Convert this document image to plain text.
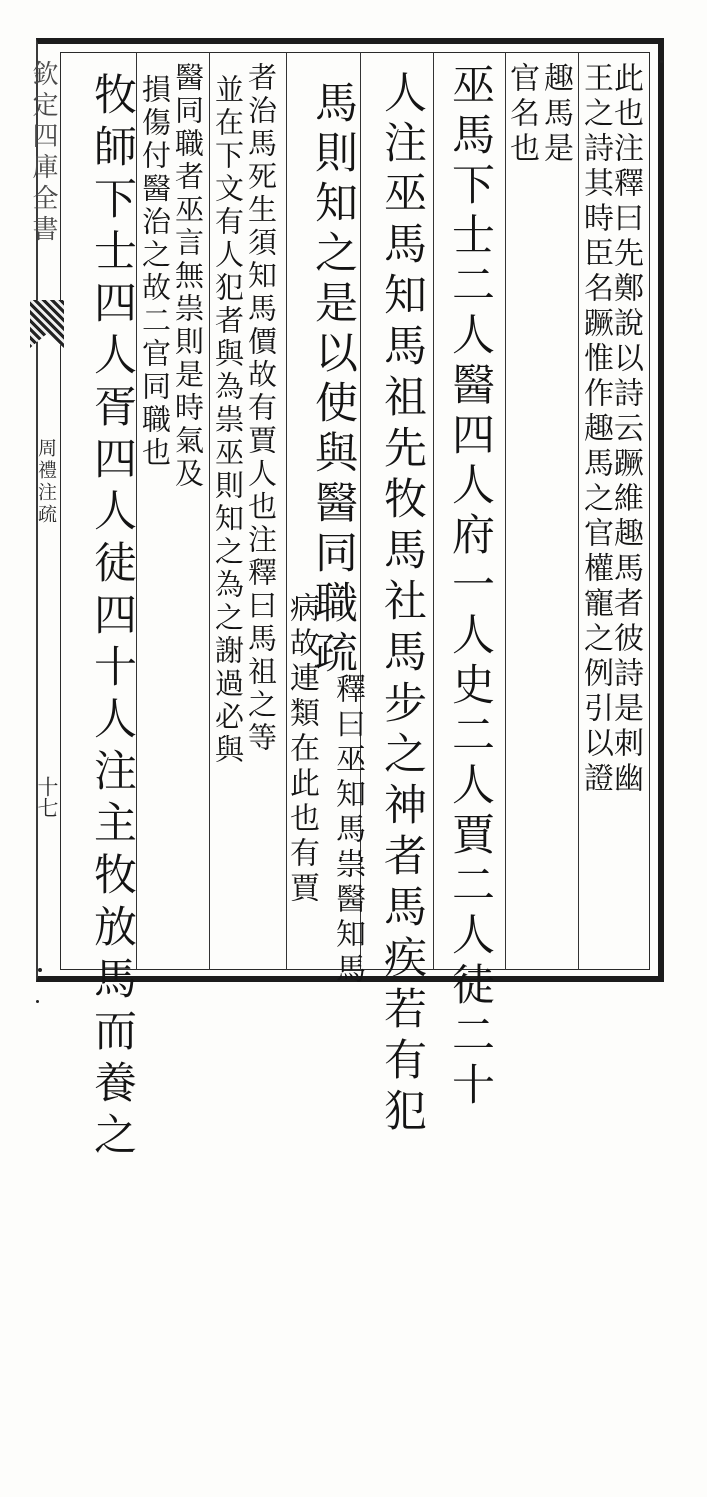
欽定四庫全書
周禮注疏
十七	此也注釋曰先鄭說以詩云蹶維趣馬者彼詩是刺幽
王之詩其時臣名蹶惟作趣馬之官權寵之例引以證
趣馬是
官名也
巫馬下士二人醫四人府一人史二人賈二人徒二十
人注巫馬知馬祖先牧馬社馬步之神者馬疾若有犯
馬則知之是以使與醫同職疏釋曰巫知馬祟醫知馬
病故連類在此也有賈
者治馬死生須知馬價故有賈人也注釋曰馬祖之等
並在下文有人犯者與為祟巫則知之為之謝過必與
醫同職者巫言無祟則是時氣及
損傷付醫治之故二官同職也
牧師下士四人胥四人徒四十人注主牧放馬而養之
